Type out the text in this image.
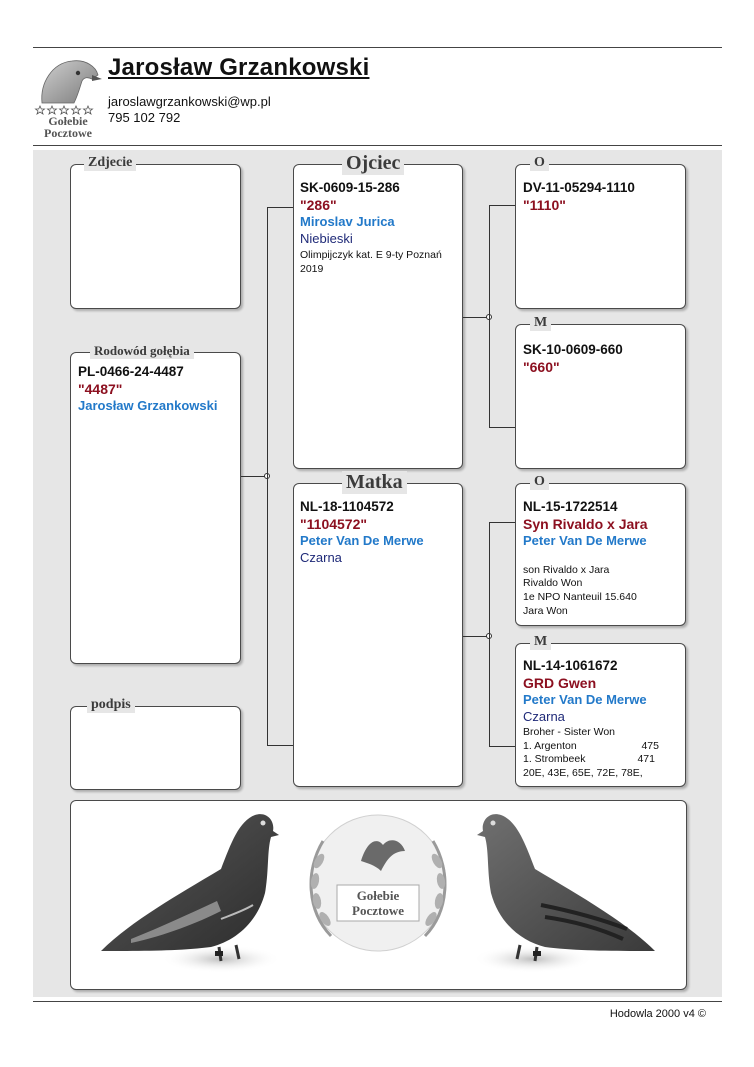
Gołebie
Pocztowe
Jarosław Grzankowski
jaroslawgrzankowski@wp.pl
795 102 792
Zdjecie
Rodowód gołębia
PL-0466-24-4487
"4487"
Jarosław Grzankowski
podpis
Ojciec
SK-0609-15-286
"286"
Miroslav Jurica
Niebieski
Olimpijczyk kat. E 9-ty Poznań
2019
Matka
NL-18-1104572
"1104572"
Peter Van De Merwe
Czarna
O
DV-11-05294-1110
"1110"
M
SK-10-0609-660
"660"
O
NL-15-1722514
Syn Rivaldo x Jara
Peter Van De Merwe
son Rivaldo x Jara
Rivaldo Won
1e NPO Nanteuil 15.640
Jara Won
M
NL-14-1061672
GRD Gwen
Peter Van De Merwe
Czarna
Broher - Sister Won
1. Argenton	475
1. Strombeek	471
20E, 43E, 65E, 72E, 78E,
Gołebie
Pocztowe
Hodowla 2000 v4 ©
